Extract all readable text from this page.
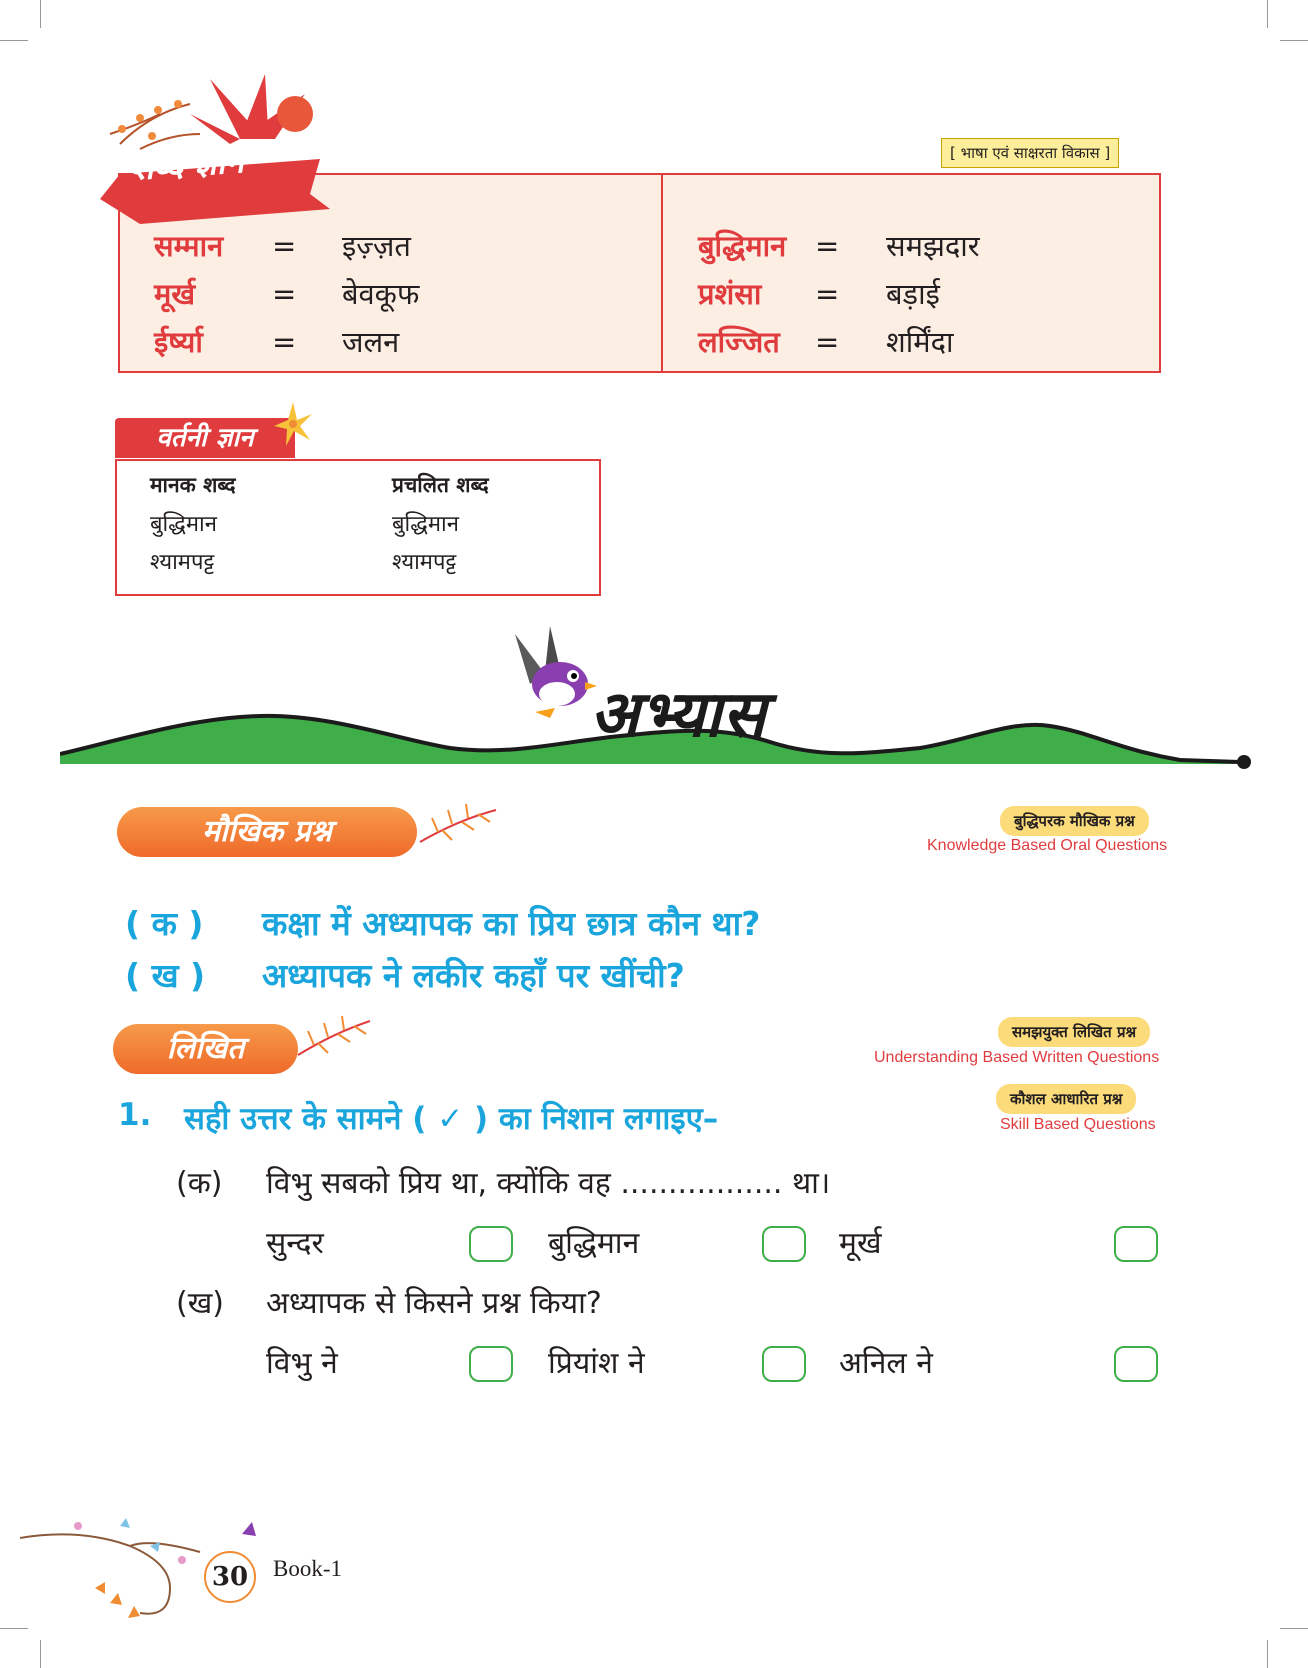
शब्द ज्ञान	[ भाषा एवं साक्षरता विकास ]
सम्मान = इज़्ज़त
मूर्ख	= बेवकूफ
ईर्ष्या = जलन
बुद्धिमान = समझदार
प्रशंसा = बड़ाई
लज्जित = शर्मिंदा
वर्तनी ज्ञान
मानक शब्द	प्रचलित शब्द
बुद्धिमान	बुद्धिमान
श्यामपट्ट	श्यामपट्ट
अभ्यास
मौखिक प्रश्न	बुद्धिपरक मौखिक प्रश्न
Knowledge Based Oral Questions
( क ) कक्षा में अध्यापक का प्रिय छात्र कौन था?
( ख ) अध्यापक ने लकीर कहाँ पर खींची?
लिखित	समझयुक्त लिखित प्रश्न
Understanding Based Written Questions
कौशल आधारित प्रश्न
Skill Based Questions
1. सही उत्तर के सामने ( ✓ ) का निशान लगाइए–
(क) विभु सबको प्रिय था, क्योंकि वह ................. था।
सुन्दर	बुद्धिमान	मूर्ख
(ख) अध्यापक से किसने प्रश्न किया?
विभु ने	प्रियांश ने	अनिल ने
30	Book-1
